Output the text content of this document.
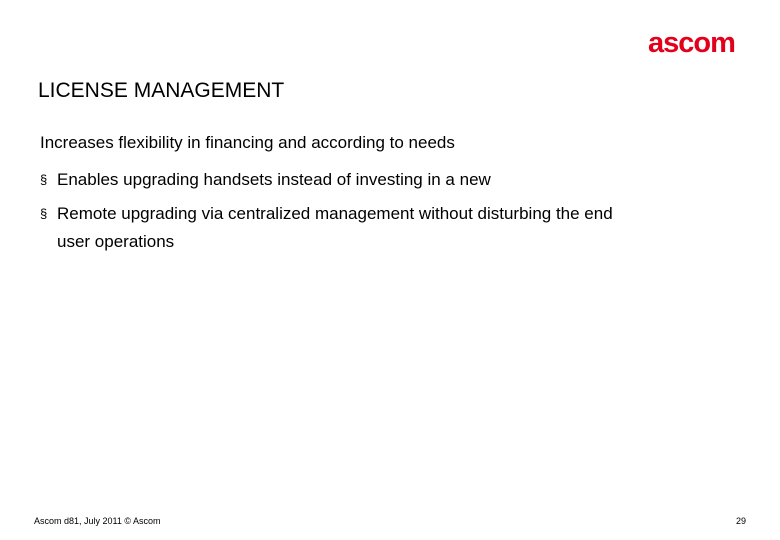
ascom
LICENSE MANAGEMENT
Increases flexibility in financing and according to needs
§ Enables upgrading handsets instead of investing in a new
§ Remote upgrading via centralized management without disturbing the end user operations
Ascom d81, July 2011 © Ascom	29
